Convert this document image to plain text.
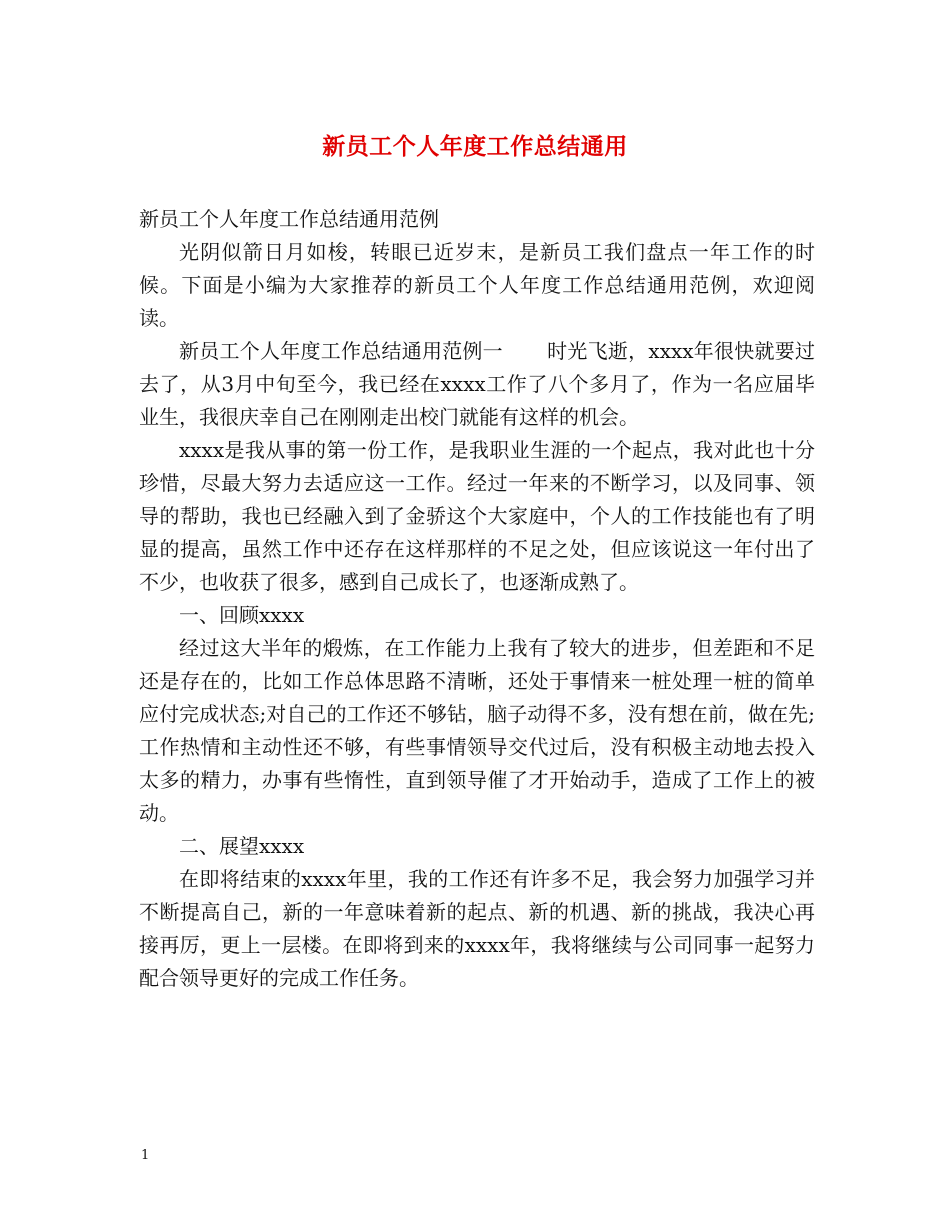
新员工个人年度工作总结通用

新员工个人年度工作总结通用范例

光阴似箭日月如梭，转眼已近岁末，是新员工我们盘点一年工作的时候。下面是小编为大家推荐的新员工个人年度工作总结通用范例，欢迎阅读。

新员工个人年度工作总结通用范例一 时光飞逝，xxxx年很快就要过去了，从3月中旬至今，我已经在xxxx工作了八个多月了，作为一名应届毕业生，我很庆幸自己在刚刚走出校门就能有这样的机会。

xxxx是我从事的第一份工作，是我职业生涯的一个起点，我对此也十分珍惜，尽最大努力去适应这一工作。经过一年来的不断学习，以及同事、领导的帮助，我也已经融入到了金骄这个大家庭中，个人的工作技能也有了明显的提高，虽然工作中还存在这样那样的不足之处，但应该说这一年付出了不少，也收获了很多，感到自己成长了，也逐渐成熟了。

一、回顾xxxx

经过这大半年的煅炼，在工作能力上我有了较大的进步，但差距和不足还是存在的，比如工作总体思路不清晰，还处于事情来一桩处理一桩的简单应付完成状态;对自己的工作还不够钻，脑子动得不多，没有想在前，做在先;工作热情和主动性还不够，有些事情领导交代过后，没有积极主动地去投入太多的精力，办事有些惰性，直到领导催了才开始动手，造成了工作上的被动。

二、展望xxxx

在即将结束的xxxx年里，我的工作还有许多不足，我会努力加强学习并不断提高自己，新的一年意味着新的起点、新的机遇、新的挑战，我决心再接再厉，更上一层楼。在即将到来的xxxx年，我将继续与公司同事一起努力配合领导更好的完成工作任务。

1
